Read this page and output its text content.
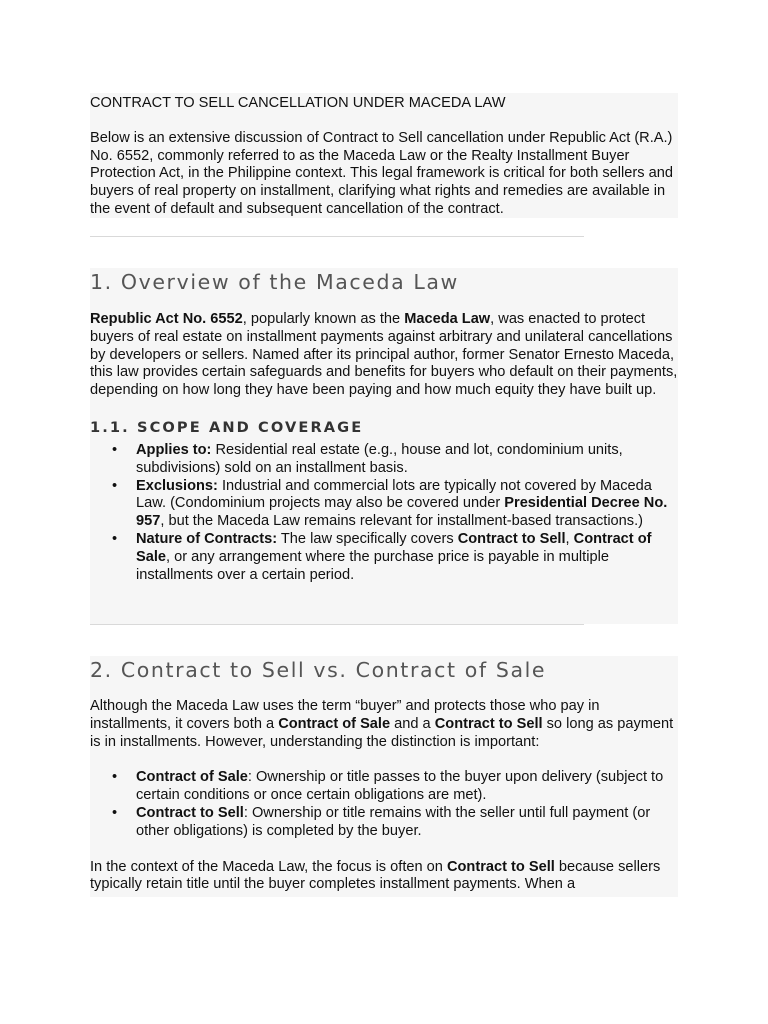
CONTRACT TO SELL CANCELLATION UNDER MACEDA LAW

Below is an extensive discussion of Contract to Sell cancellation under Republic Act (R.A.) No. 6552, commonly referred to as the Maceda Law or the Realty Installment Buyer Protection Act, in the Philippine context. This legal framework is critical for both sellers and buyers of real property on installment, clarifying what rights and remedies are available in the event of default and subsequent cancellation of the contract.

1. Overview of the Maceda Law

Republic Act No. 6552, popularly known as the Maceda Law, was enacted to protect buyers of real estate on installment payments against arbitrary and unilateral cancellations by developers or sellers. Named after its principal author, former Senator Ernesto Maceda, this law provides certain safeguards and benefits for buyers who default on their payments, depending on how long they have been paying and how much equity they have built up.

1.1. SCOPE AND COVERAGE
• Applies to: Residential real estate (e.g., house and lot, condominium units, subdivisions) sold on an installment basis.
• Exclusions: Industrial and commercial lots are typically not covered by Maceda Law. (Condominium projects may also be covered under Presidential Decree No. 957, but the Maceda Law remains relevant for installment-based transactions.)
• Nature of Contracts: The law specifically covers Contract to Sell, Contract of Sale, or any arrangement where the purchase price is payable in multiple installments over a certain period.
2. Contract to Sell vs. Contract of Sale

Although the Maceda Law uses the term “buyer” and protects those who pay in installments, it covers both a Contract of Sale and a Contract to Sell so long as payment is in installments. However, understanding the distinction is important:

• Contract of Sale: Ownership or title passes to the buyer upon delivery (subject to certain conditions or once certain obligations are met).
• Contract to Sell: Ownership or title remains with the seller until full payment (or other obligations) is completed by the buyer.

In the context of the Maceda Law, the focus is often on Contract to Sell because sellers typically retain title until the buyer completes installment payments. When a
